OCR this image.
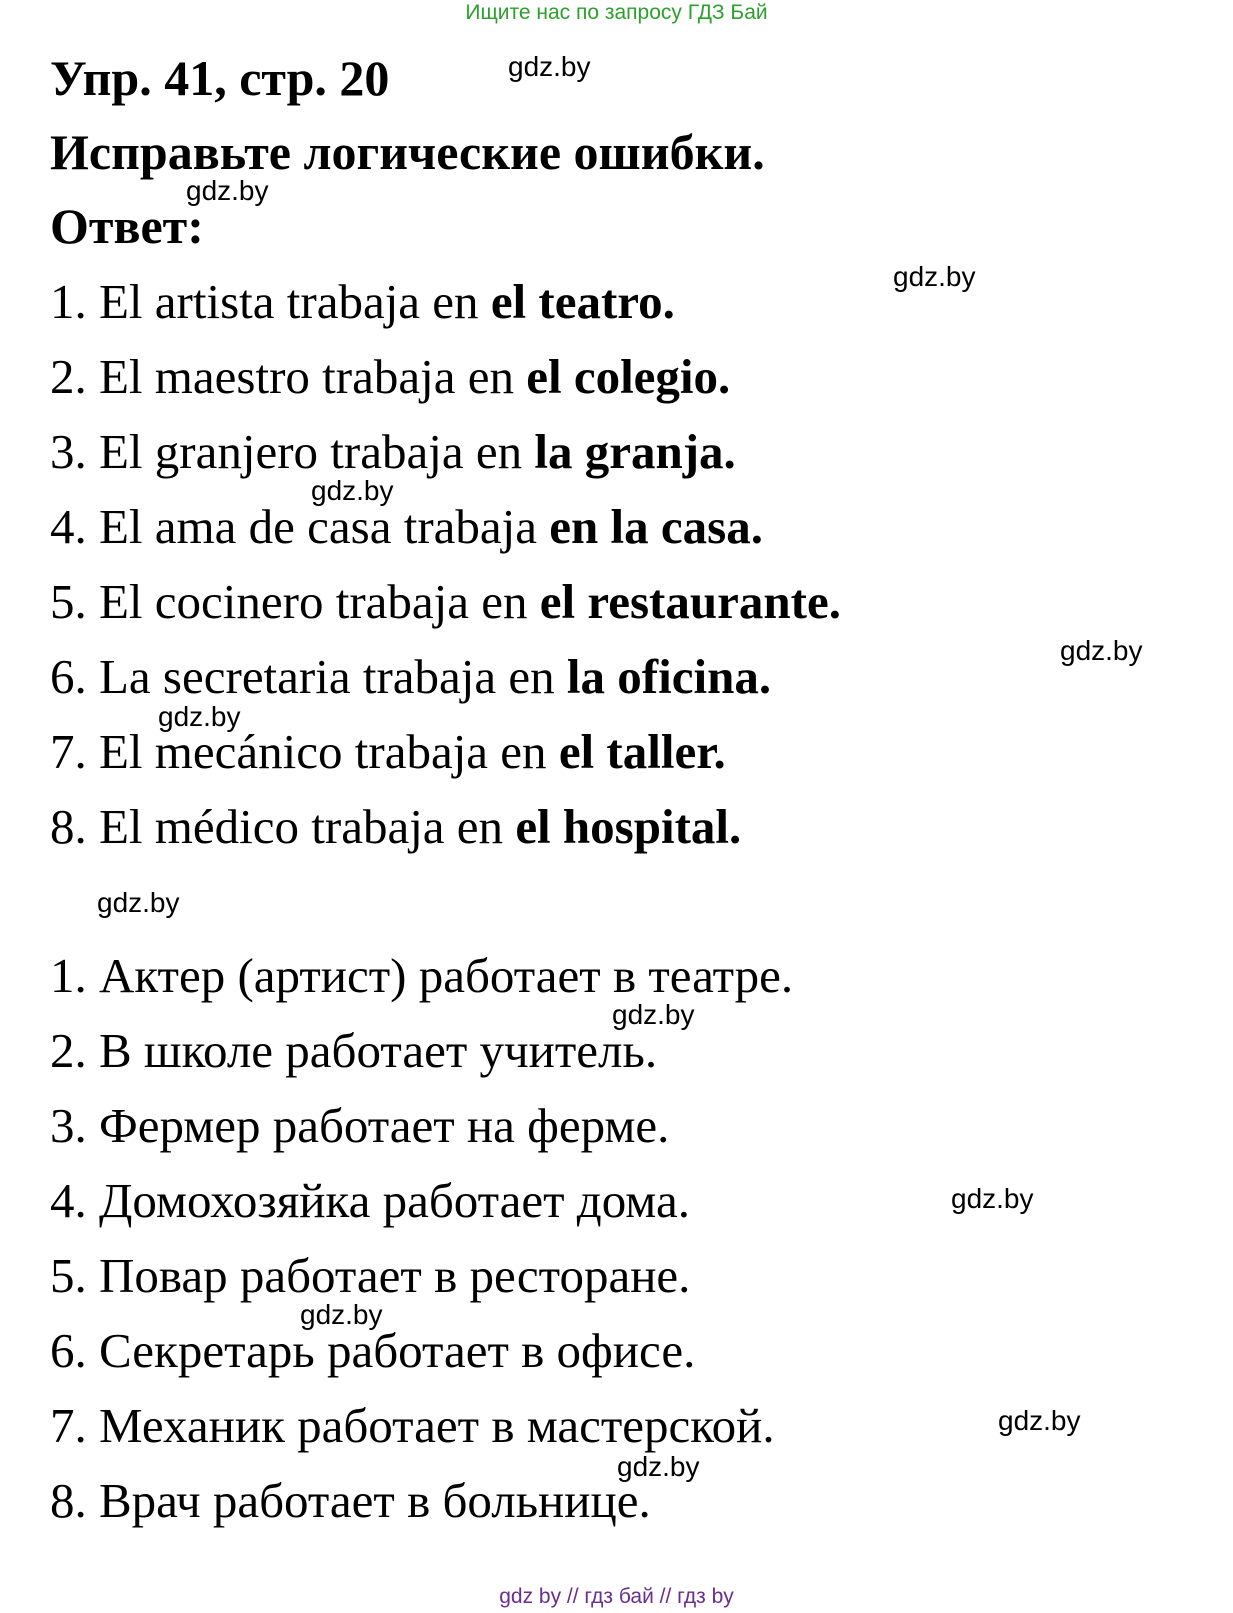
Ищите нас по запросу ГДЗ Бай
Упр. 41, стр. 20
Исправьте логические ошибки.
Ответ:
1. El artista trabaja en el teatro.
2. El maestro trabaja en el colegio.
3. El granjero trabaja en la granja.
4. El ama de casa trabaja en la casa.
5. El cocinero trabaja en el restaurante.
6. La secretaria trabaja en la oficina.
7. El mecánico trabaja en el taller.
8. El médico trabaja en el hospital.
1. Актер (артист) работает в театре.
2. В школе работает учитель.
3. Фермер работает на ферме.
4. Домохозяйка работает дома.
5. Повар работает в ресторане.
6. Секретарь работает в офисе.
7. Механик работает в мастерской.
8. Врач работает в больнице.
gdz.by
gdz.by
gdz.by
gdz.by
gdz.by
gdz.by
gdz.by
gdz.by
gdz.by
gdz.by
gdz.by
gdz.by
gdz by // гдз бай // гдз by
